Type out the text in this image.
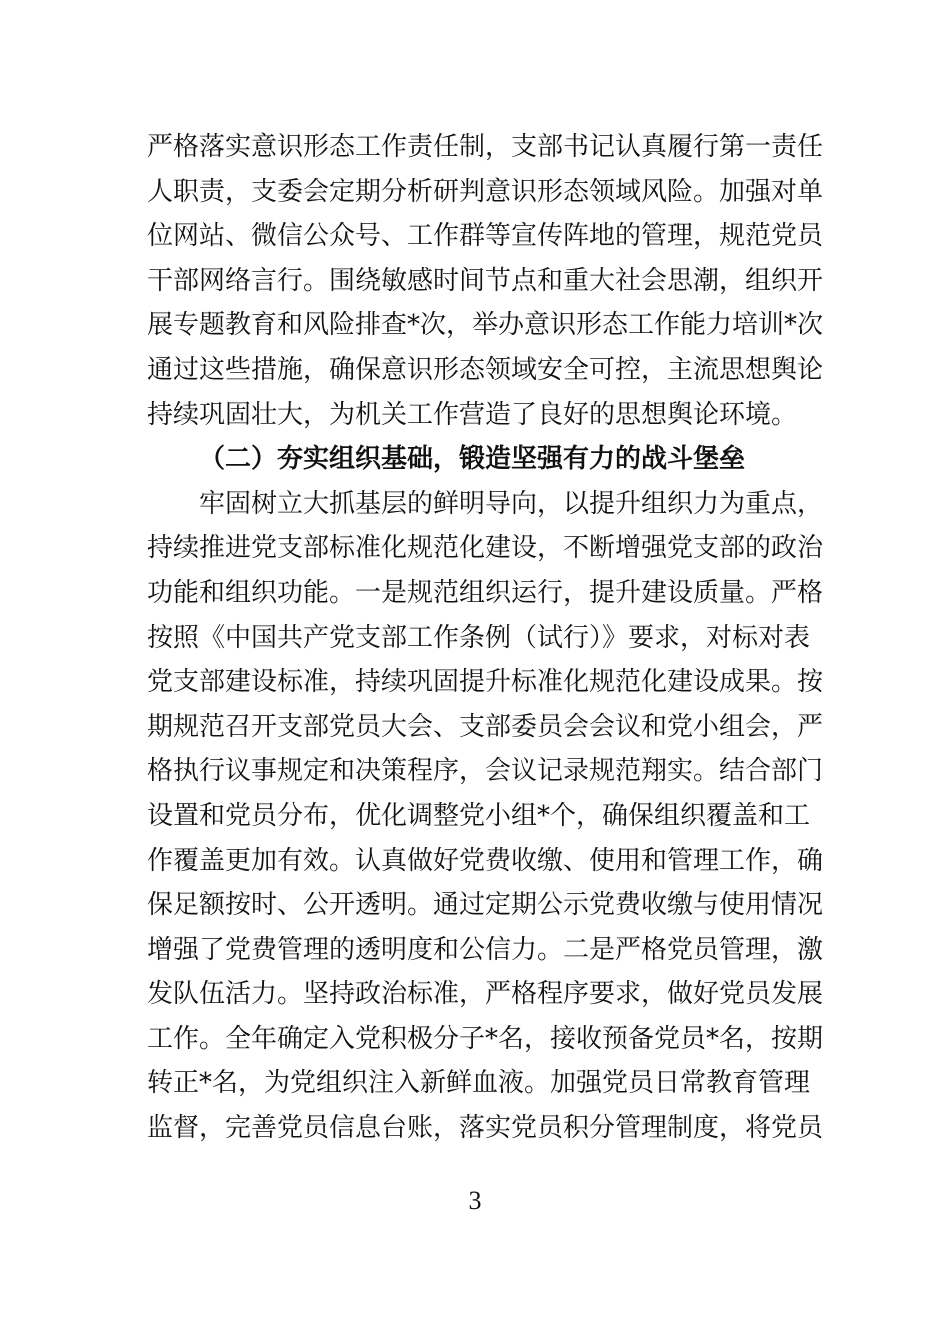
严格落实意识形态工作责任制，支部书记认真履行第一责任
人职责，支委会定期分析研判意识形态领域风险。加强对单
位网站、微信公众号、工作群等宣传阵地的管理，规范党员
干部网络言行。围绕敏感时间节点和重大社会思潮，组织开
展专题教育和风险排查*次，举办意识形态工作能力培训*次
通过这些措施，确保意识形态领域安全可控，主流思想舆论
持续巩固壮大，为机关工作营造了良好的思想舆论环境。
（二）夯实组织基础，锻造坚强有力的战斗堡垒
牢固树立大抓基层的鲜明导向，以提升组织力为重点，
持续推进党支部标准化规范化建设，不断增强党支部的政治
功能和组织功能。一是规范组织运行，提升建设质量。严格
按照《中国共产党支部工作条例（试行）》要求，对标对表
党支部建设标准，持续巩固提升标准化规范化建设成果。按
期规范召开支部党员大会、支部委员会会议和党小组会，严
格执行议事规定和决策程序，会议记录规范翔实。结合部门
设置和党员分布，优化调整党小组*个，确保组织覆盖和工
作覆盖更加有效。认真做好党费收缴、使用和管理工作，确
保足额按时、公开透明。通过定期公示党费收缴与使用情况
增强了党费管理的透明度和公信力。二是严格党员管理，激
发队伍活力。坚持政治标准，严格程序要求，做好党员发展
工作。全年确定入党积极分子*名，接收预备党员*名，按期
转正*名，为党组织注入新鲜血液。加强党员日常教育管理
监督，完善党员信息台账，落实党员积分管理制度，将党员
3
